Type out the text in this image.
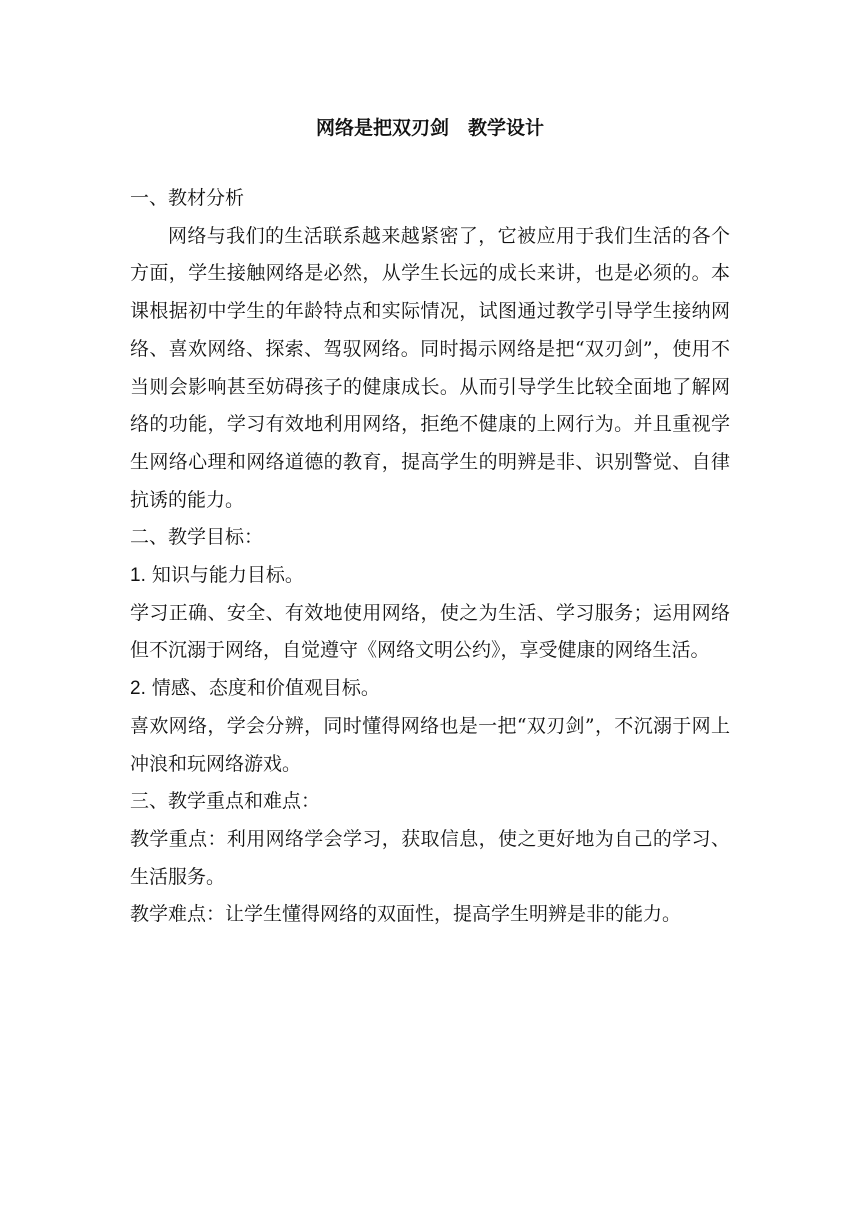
网络是把双刃剑　教学设计

一、教材分析

网络与我们的生活联系越来越紧密了，它被应用于我们生活的各个方面，学生接触网络是必然，从学生长远的成长来讲，也是必须的。本课根据初中学生的年龄特点和实际情况，试图通过教学引导学生接纳网络、喜欢网络、探索、驾驭网络。同时揭示网络是把“双刃剑”，使用不当则会影响甚至妨碍孩子的健康成长。从而引导学生比较全面地了解网络的功能，学习有效地利用网络，拒绝不健康的上网行为。并且重视学生网络心理和网络道德的教育，提高学生的明辨是非、识别警觉、自律抗诱的能力。

二、教学目标：

1. 知识与能力目标。

学习正确、安全、有效地使用网络，使之为生活、学习服务；运用网络但不沉溺于网络，自觉遵守《网络文明公约》，享受健康的网络生活。

2. 情感、态度和价值观目标。

喜欢网络，学会分辨，同时懂得网络也是一把“双刃剑”，不沉溺于网上冲浪和玩网络游戏。

三、教学重点和难点：

教学重点：利用网络学会学习，获取信息，使之更好地为自己的学习、生活服务。

教学难点：让学生懂得网络的双面性，提高学生明辨是非的能力。
